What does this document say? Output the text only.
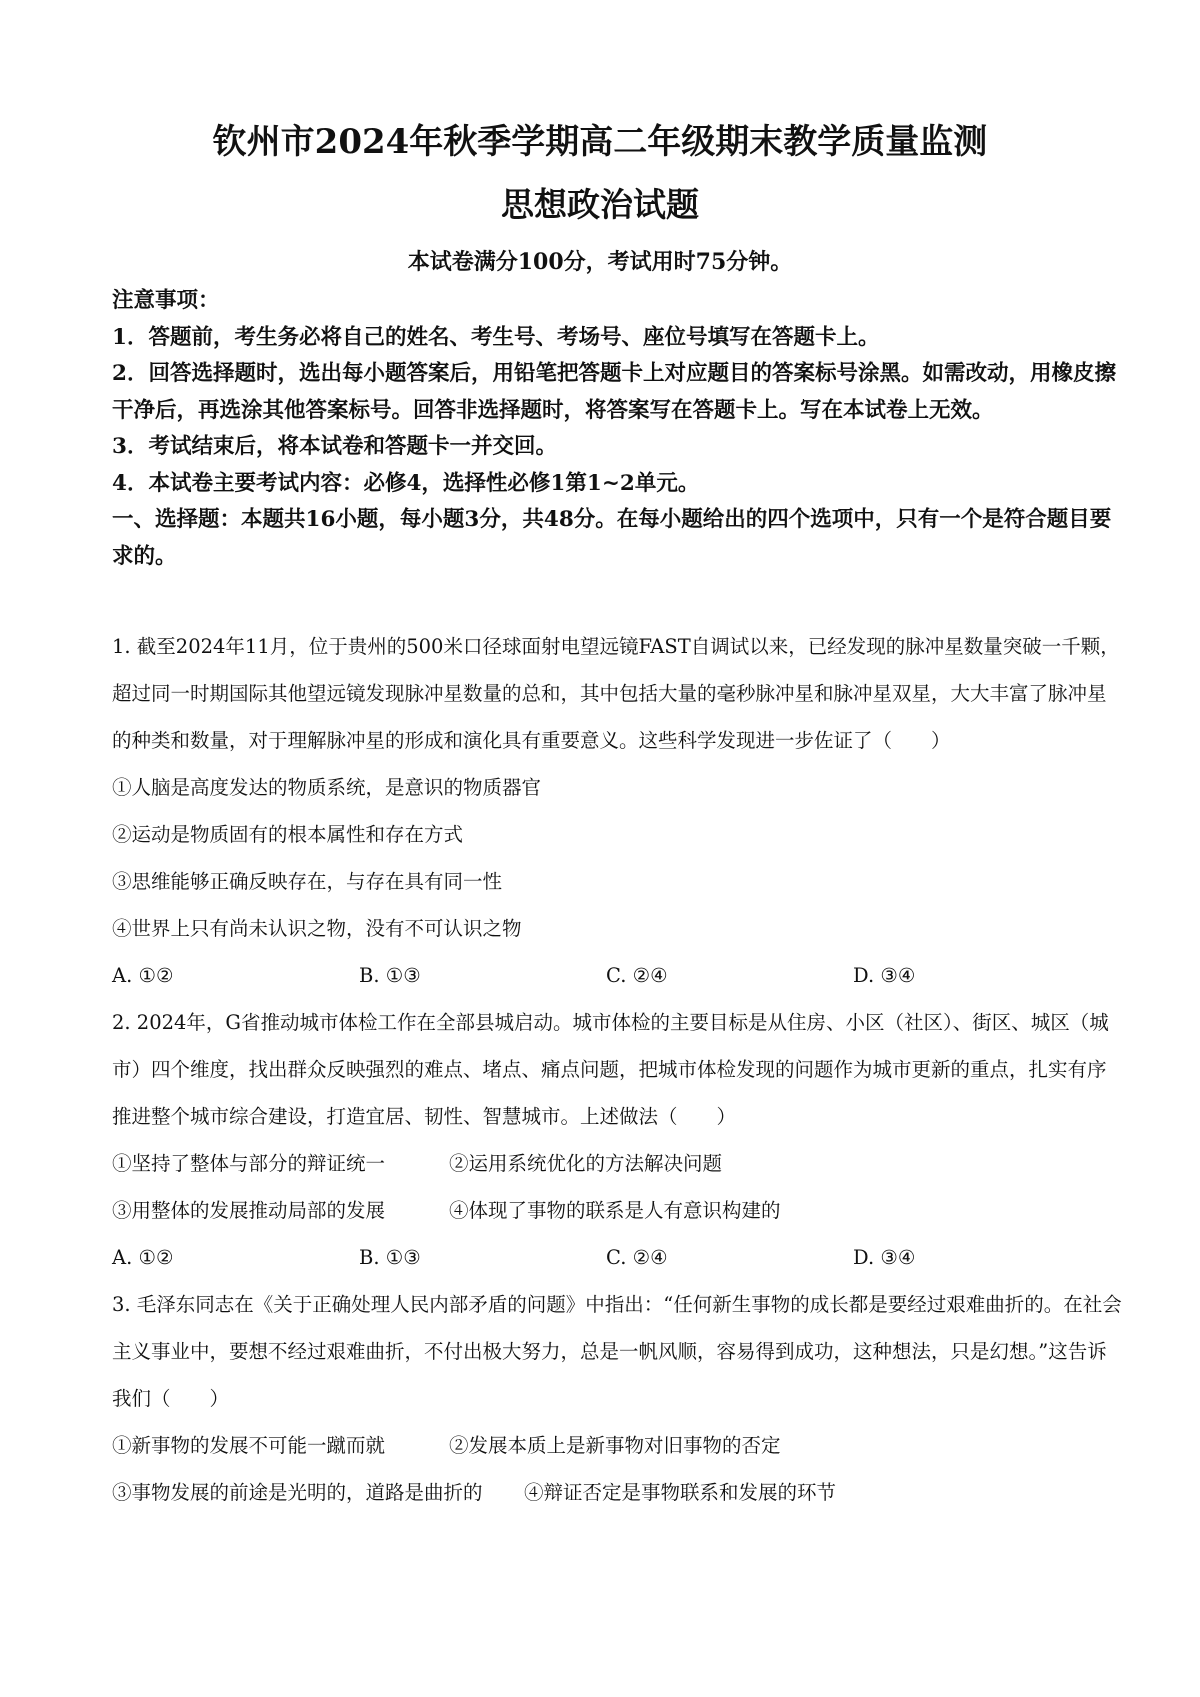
钦州市2024年秋季学期高二年级期末教学质量监测
思想政治试题
本试卷满分100分，考试用时75分钟。

注意事项：

1．答题前，考生务必将自己的姓名、考生号、考场号、座位号填写在答题卡上。

2．回答选择题时，选出每小题答案后，用铅笔把答题卡上对应题目的答案标号涂黑。如需改动，用橡皮擦干净后，再选涂其他答案标号。回答非选择题时，将答案写在答题卡上。写在本试卷上无效。

3．考试结束后，将本试卷和答题卡一并交回。

4．本试卷主要考试内容：必修4，选择性必修1第1~2单元。

一、选择题：本题共16小题，每小题3分，共48分。在每小题给出的四个选项中，只有一个是符合题目要求的。

1. 截至2024年11月，位于贵州的500米口径球面射电望远镜FAST自调试以来，已经发现的脉冲星数量突破一千颗，超过同一时期国际其他望远镜发现脉冲星数量的总和，其中包括大量的毫秒脉冲星和脉冲星双星，大大丰富了脉冲星的种类和数量，对于理解脉冲星的形成和演化具有重要意义。这些科学发现进一步佐证了（　　）

①人脑是高度发达的物质系统，是意识的物质器官

②运动是物质固有的根本属性和存在方式

③思维能够正确反映存在，与存在具有同一性

④世界上只有尚未认识之物，没有不可认识之物

A. ①②	B. ①③	C. ②④	D. ③④

2. 2024年，G省推动城市体检工作在全部县城启动。城市体检的主要目标是从住房、小区（社区）、街区、城区（城市）四个维度，找出群众反映强烈的难点、堵点、痛点问题，把城市体检发现的问题作为城市更新的重点，扎实有序推进整个城市综合建设，打造宜居、韧性、智慧城市。上述做法（　　）

①坚持了整体与部分的辩证统一	②运用系统优化的方法解决问题
③用整体的发展推动局部的发展	④体现了事物的联系是人有意识构建的
A. ①②	B. ①③	C. ②④	D. ③④

3. 毛泽东同志在《关于正确处理人民内部矛盾的问题》中指出：“任何新生事物的成长都是要经过艰难曲折的。在社会主义事业中，要想不经过艰难曲折，不付出极大努力，总是一帆风顺，容易得到成功，这种想法，只是幻想。”这告诉我们（　　）

①新事物的发展不可能一蹴而就	②发展本质上是新事物对旧事物的否定
③事物发展的前途是光明的，道路是曲折的	④辩证否定是事物联系和发展的环节
